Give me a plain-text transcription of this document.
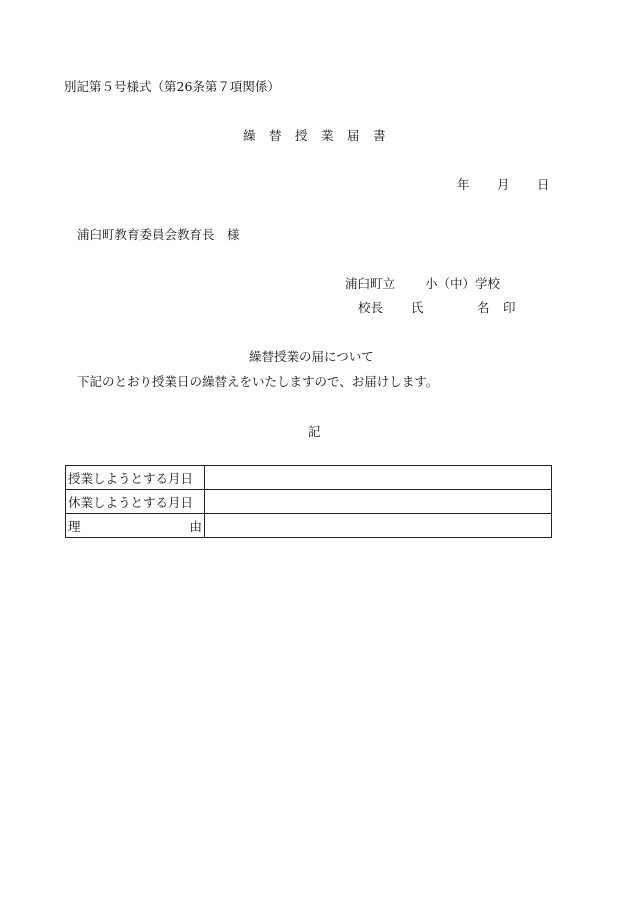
別記第５号様式（第26条第７項関係）
繰 替 授 業 届 書
年 月 日
浦臼町教育委員会教育長　様
浦臼町立 小（中）学校
校長 氏	名 印
繰替授業の届について
下記のとおり授業日の繰替えをいたしますので、お届けします。
記
授業しようとする月日	
休業しようとする月日	

理 由	
